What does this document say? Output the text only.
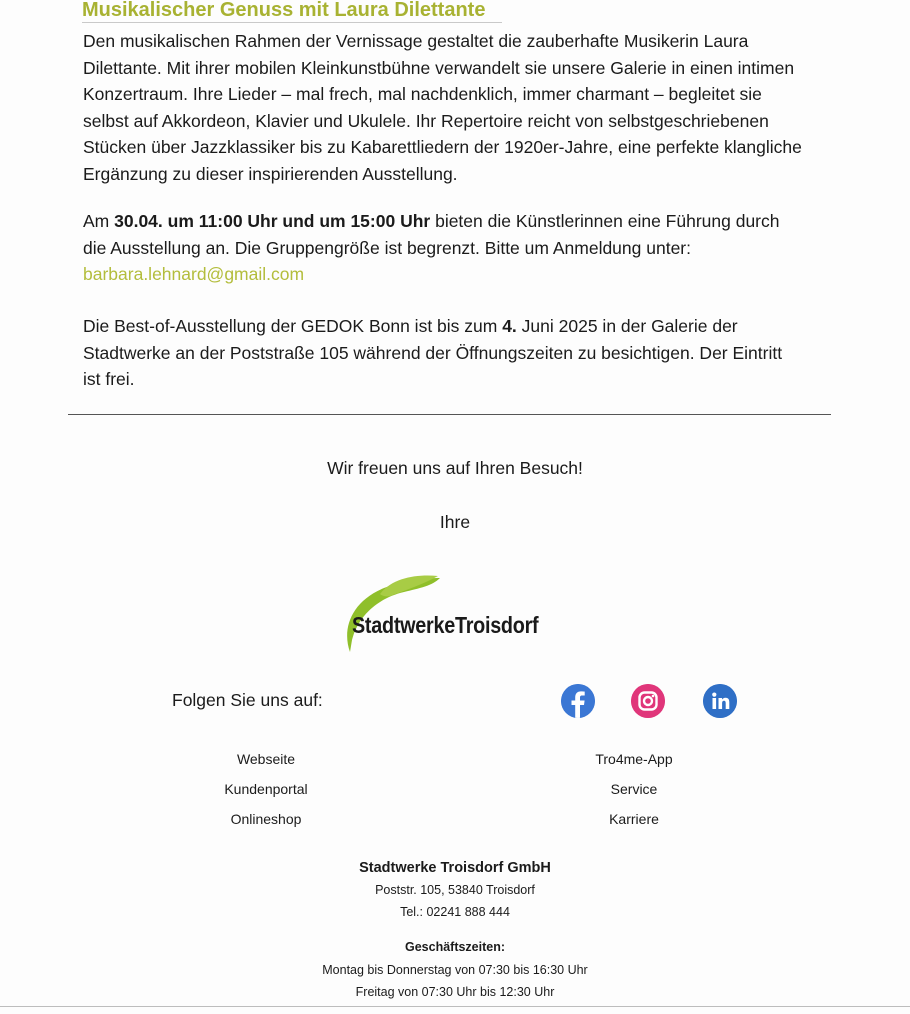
Musikalischer Genuss mit Laura Dilettante

Den musikalischen Rahmen der Vernissage gestaltet die zauberhafte Musikerin Laura Dilettante. Mit ihrer mobilen Kleinkunstbühne verwandelt sie unsere Galerie in einen intimen Konzertraum. Ihre Lieder – mal frech, mal nachdenklich, immer charmant – begleitet sie selbst auf Akkordeon, Klavier und Ukulele. Ihr Repertoire reicht von selbstgeschriebenen Stücken über Jazzklassiker bis zu Kabarettliedern der 1920er-Jahre, eine perfekte klangliche Ergänzung zu dieser inspirierenden Ausstellung.

Am 30.04. um 11:00 Uhr und um 15:00 Uhr bieten die Künstlerinnen eine Führung durch die Ausstellung an. Die Gruppengröße ist begrenzt. Bitte um Anmeldung unter:
barbara.lehnard@gmail.com

Die Best-of-Ausstellung der GEDOK Bonn ist bis zum 4. Juni 2025 in der Galerie der Stadtwerke an der Poststraße 105 während der Öffnungszeiten zu besichtigen. Der Eintritt ist frei.

Wir freuen uns auf Ihren Besuch!

Ihre

StadtwerkeTroisdorf
Folgen Sie uns auf:
Webseite
Kundenportal
Onlineshop
Tro4me-App
Service
Karriere

Stadtwerke Troisdorf GmbH

Poststr. 105, 53840 Troisdorf

Tel.: 02241 888 444

Geschäftszeiten:

Montag bis Donnerstag von 07:30 bis 16:30 Uhr

Freitag von 07:30 Uhr bis 12:30 Uhr
